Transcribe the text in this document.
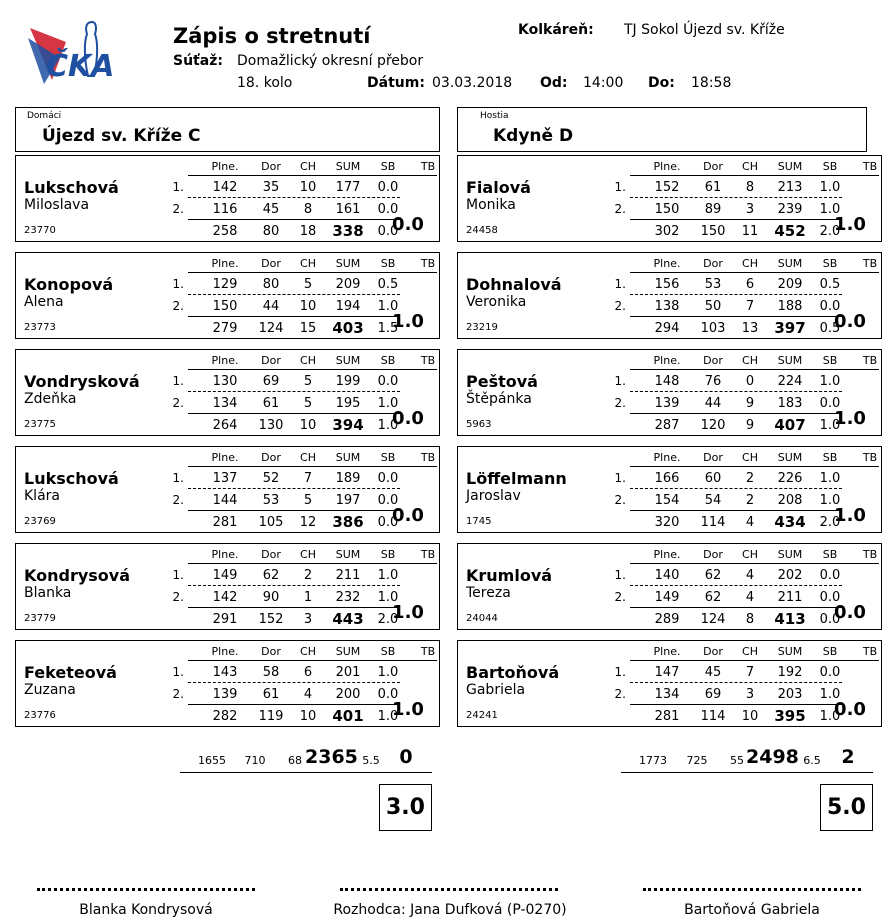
ČKA
Zápis o stretnutí
Súťaž: Domažlický okresní přebor
18. kolo
Kolkáreň: TJ Sokol Újezd sv. Kříže
Dátum: 03.03.2018 Od: 14:00 Do: 18:58
Domáci
Újezd sv. Kříže C
Hostia
Kdyně D
Lukschová
Miloslava
23770
Plne.	Dor	CH	SUM	SB	TB
1.
2.
142	35	10	177	0.0
116	45	8	161	0.0
258	80	18	338	0.0
0.0
Konopová
Alena
23773
Plne.	Dor	CH	SUM	SB	TB
1.
2.
129	80	5	209	0.5
150	44	10	194	1.0
279	124	15	403	1.5
1.0
Vondrysková
Zdeňka
23775
Plne.	Dor	CH	SUM	SB	TB
1.
2.
130	69	5	199	0.0
134	61	5	195	1.0
264	130	10	394	1.0
0.0
Lukschová
Klára
23769
Plne.	Dor	CH	SUM	SB	TB
1.
2.
137	52	7	189	0.0
144	53	5	197	0.0
281	105	12	386	0.0
0.0
Kondrysová
Blanka
23779
Plne.	Dor	CH	SUM	SB	TB
1.
2.
149	62	2	211	1.0
142	90	1	232	1.0
291	152	3	443	2.0
1.0
Feketeová
Zuzana
23776
Plne.	Dor	CH	SUM	SB	TB
1.
2.
143	58	6	201	1.0
139	61	4	200	0.0
282	119	10	401	1.0
1.0
Fialová
Monika
24458
Plne.	Dor	CH	SUM	SB	TB
1.
2.
152	61	8	213	1.0
150	89	3	239	1.0
302	150	11	452	2.0
1.0
Dohnalová
Veronika
23219
Plne.	Dor	CH	SUM	SB	TB
1.
2.
156	53	6	209	0.5
138	50	7	188	0.0
294	103	13	397	0.5
0.0
Peštová
Štěpánka
5963
Plne.	Dor	CH	SUM	SB	TB
1.
2.
148	76	0	224	1.0
139	44	9	183	0.0
287	120	9	407	1.0
1.0
Löffelmann
Jaroslav
1745
Plne.	Dor	CH	SUM	SB	TB
1.
2.
166	60	2	226	1.0
154	54	2	208	1.0
320	114	4	434	2.0
1.0
Krumlová
Tereza
24044
Plne.	Dor	CH	SUM	SB	TB
1.
2.
140	62	4	202	0.0
149	62	4	211	0.0
289	124	8	413	0.0
0.0
Bartoňová
Gabriela
24241
Plne.	Dor	CH	SUM	SB	TB
1.
2.
147	45	7	192	0.0
134	69	3	203	1.0
281	114	10	395	1.0
0.0
1655	710	68 2365 5.5	0
3.0
1773	725	55 2498 6.5	2
5.0
Blanka Kondrysová	Rozhodca: Jana Dufková (P-0270)	Bartoňová Gabriela
